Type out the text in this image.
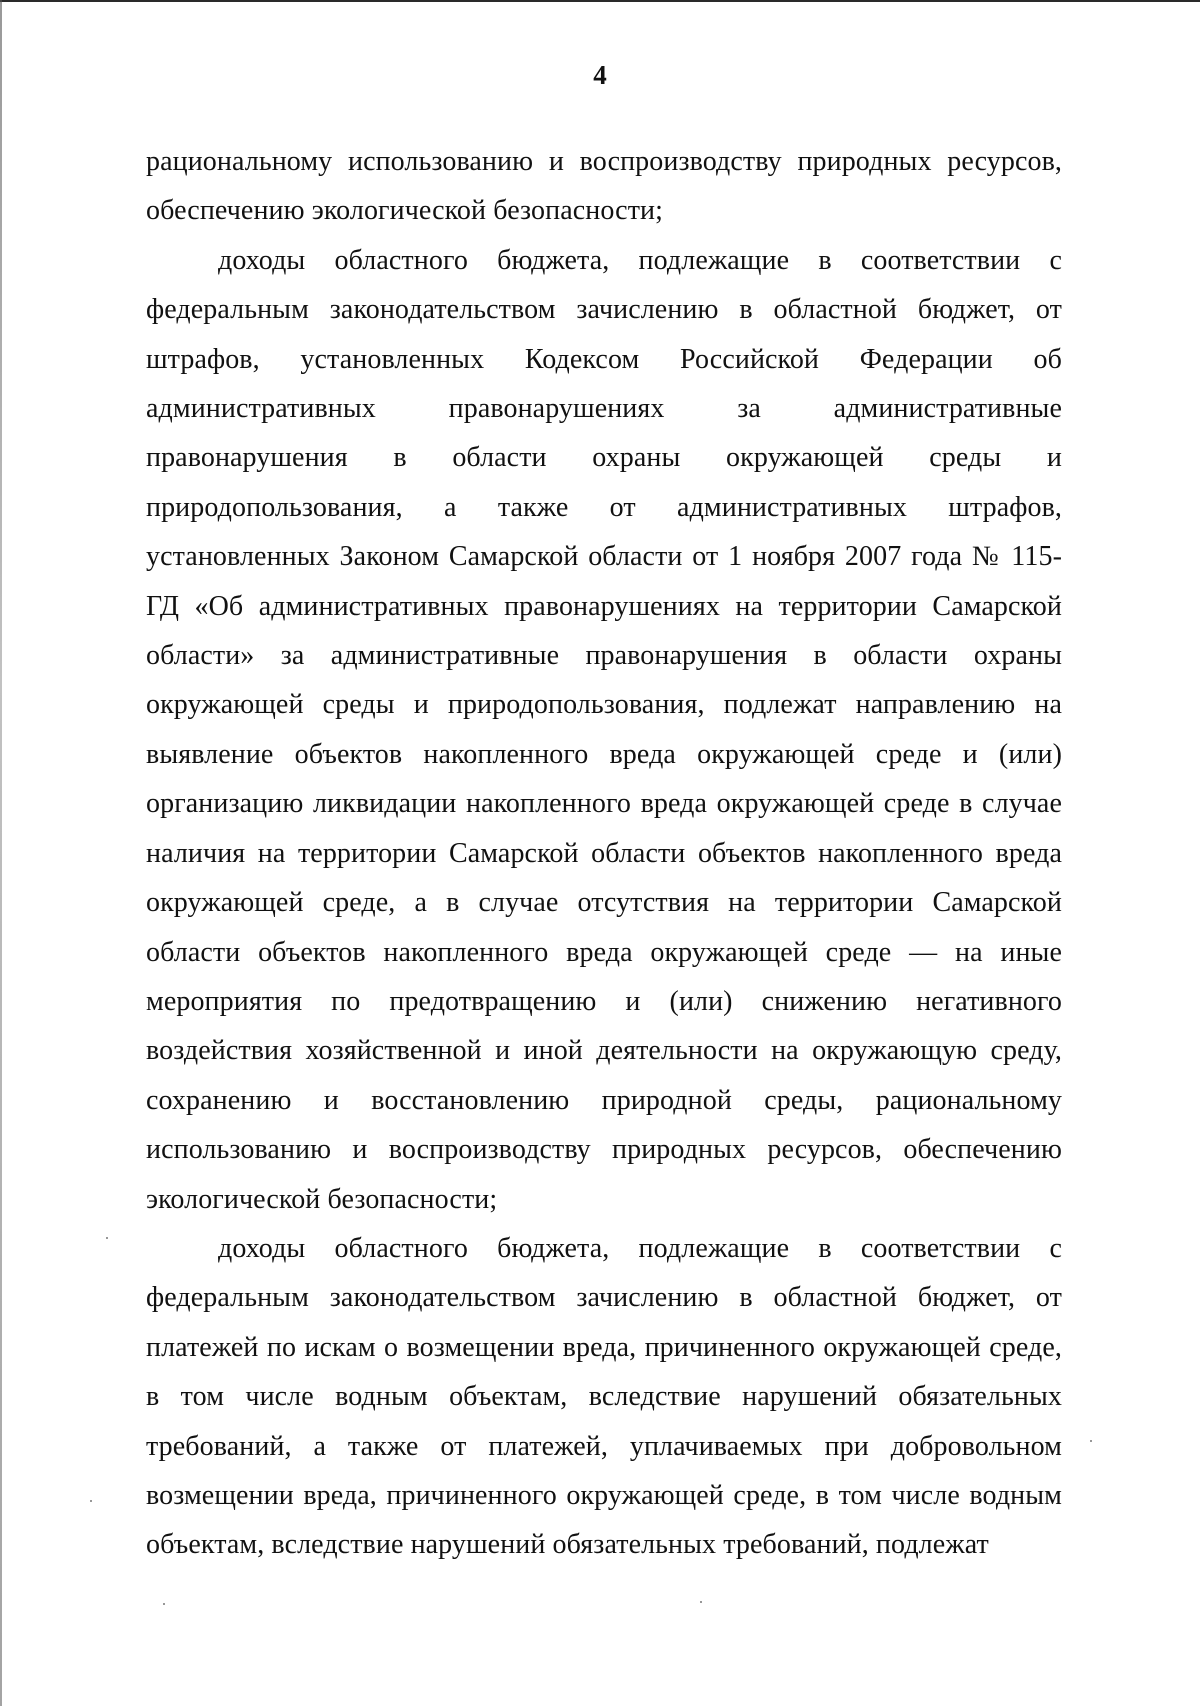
4

рациональному использованию и воспроизводству природных ресурсов, обеспечению экологической безопасности;

доходы областного бюджета, подлежащие в соответствии с федеральным законодательством зачислению в областной бюджет, от штрафов, установленных Кодексом Российской Федерации об административных правонарушениях за административные правонарушения в области охраны окружающей среды и природопользования, а также от административных штрафов, установленных Законом Самарской области от 1 ноября 2007 года № 115-ГД «Об административных правонарушениях на территории Самарской области» за административные правонарушения в области охраны окружающей среды и природопользования, подлежат направлению на выявление объектов накопленного вреда окружающей среде и (или) организацию ликвидации накопленного вреда окружающей среде в случае наличия на территории Самарской области объектов накопленного вреда окружающей среде, а в случае отсутствия на территории Самарской области объектов накопленного вреда окружающей среде — на иные мероприятия по предотвращению и (или) снижению негативного воздействия хозяйственной и иной деятельности на окружающую среду, сохранению и восстановлению природной среды, рациональному использованию и воспроизводству природных ресурсов, обеспечению экологической безопасности;

доходы областного бюджета, подлежащие в соответствии с федеральным законодательством зачислению в областной бюджет, от платежей по искам о возмещении вреда, причиненного окружающей среде, в том числе водным объектам, вследствие нарушений обязательных требований, а также от платежей, уплачиваемых при добровольном возмещении вреда, причиненного окружающей среде, в том числе водным объектам, вследствие нарушений обязательных требований, подлежат
